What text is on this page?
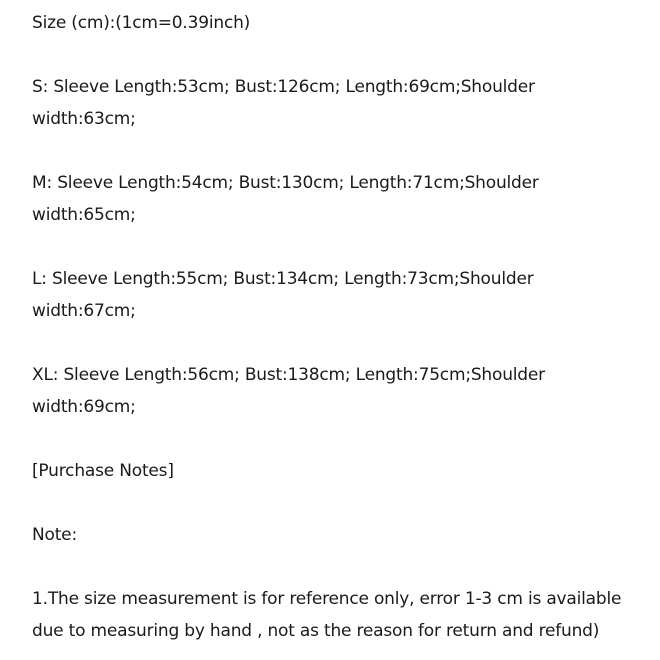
Size (cm):(1cm=0.39inch)
S: Sleeve Length:53cm; Bust:126cm; Length:69cm;Shoulder
width:63cm;
M: Sleeve Length:54cm; Bust:130cm; Length:71cm;Shoulder
width:65cm;
L: Sleeve Length:55cm; Bust:134cm; Length:73cm;Shoulder
width:67cm;
XL: Sleeve Length:56cm; Bust:138cm; Length:75cm;Shoulder
width:69cm;
[Purchase Notes]
Note:
1.The size measurement is for reference only, error 1-3 cm is available
due to measuring by hand , not as the reason for return and refund)
